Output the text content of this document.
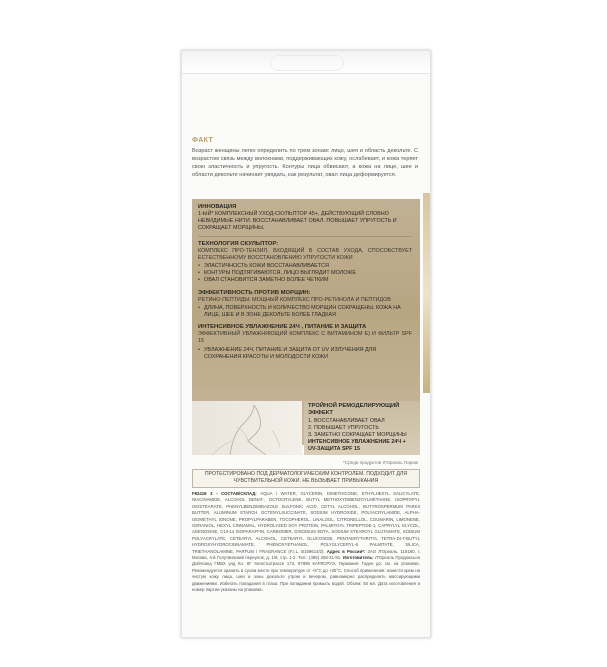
ФАКТ

Возраст женщины легко определить по трем зонам: лицо, шея и область декольте. С возрастом связь между волокнами, поддерживающих кожу, ослабевает, и кожа теряет свою эластичность и упругость. Контуры лица обвисают, а кожа на лице, шее и области декольте начинает увядать, как результат, овал лица деформируется.

ИННОВАЦИЯ

1-ЫЙ* КОМПЛЕКСНЫЙ УХОД-СКУЛЬПТОР 45+, ДЕЙСТВУЮЩИЙ СЛОВНО НЕВИДИМЫЕ НИТИ. ВОССТАНАВЛИВАЕТ ОВАЛ. ПОВЫШАЕТ УПРУГОСТЬ И СОКРАЩАЕТ МОРЩИНЫ.

ТЕХНОЛОГИЯ СКУЛЬПТОР:

КОМПЛЕКС ПРО-ТЕНЗИЛ, ВХОДЯЩИЙ В СОСТАВ УХОДА, СПОСОБСТВУЕТ ЕСТЕСТВЕННОМУ ВОССТАНОВЛЕНИЮ УПРУГОСТИ КОЖИ

• ЭЛАСТИЧНОСТЬ КОЖИ ВОССТАНАВЛИВАЕТСЯ
• КОНТУРЫ ПОДТЯГИВАЮТСЯ, ЛИЦО ВЫГЛЯДИТ МОЛОЖЕ
• ОВАЛ СТАНОВИТСЯ ЗАМЕТНО БОЛЕЕ ЧЕТКИМ

ЭФФЕКТИВНОСТЬ ПРОТИВ МОРЩИН:

РЕТИНО-ПЕПТИДЫ: МОЩНЫЙ КОМПЛЕКС ПРО-РЕТИНОЛА И ПЕПТИДОВ

• ДЛИНА, ПОВЕРХНОСТЬ И КОЛИЧЕСТВО МОРЩИН СОКРАЩЕНЫ. КОЖА НА ЛИЦЕ, ШЕЕ И В ЗОНЕ ДЕКОЛЬТЕ БОЛЕЕ ГЛАДКАЯ

ИНТЕНСИВНОЕ УВЛАЖНЕНИЕ 24Ч , ПИТАНИЕ И ЗАЩИТА

ЭФФЕКТИВНЫЙ УВЛАЖНЯЮЩИЙ КОМПЛЕКС С ВИТАМИНОМ E) И ФИЛЬТР SPF 15

• УВЛАЖНЕНИЕ 24Ч, ПИТАНИЕ И ЗАЩИТА ОТ UV ИЗЛУЧЕНИЯ ДЛЯ СОХРАНЕНИЯ КРАСОТЫ И МОЛОДОСТИ КОЖИ

ТРОЙНОЙ РЕМОДЕЛИРУЮЩИЙ ЭФФЕКТ

1. ВОССТАНАВЛИВАЕТ ОВАЛ
2. ПОВЫШАЕТ УПРУГОСТЬ
3. ЗАМЕТНО СОКРАЩАЕТ МОРЩИНЫ

ИНТЕНСИВНОЕ УВЛАЖНЕНИЕ 24Ч + UV-ЗАЩИТА SPF 15

*Среди продуктов Л'Ореаль Париж

ПРОТЕСТИРОВАНО ПОД ДЕРМАТОЛОГИЧЕСКИМ КОНТРОЛЕМ. ПОДХОДИТ ДЛЯ ЧУВСТВИТЕЛЬНОЙ КОЖИ. НЕ ВЫЗЫВАЕТ ПРИВЫКАНИЯ

F82418 3 - СОСТАВ/СКЛАД: AQUA / WATER, GLYCERIN, DIMETHICONE, ETHYLHEXYL SALICYLATE, NIACINAMIDE, ALCOHOL DENAT., OCTOCRYLENE, BUTYL METHOXYDIBENZOYLMETHANE, ISOPROPYL ISOSTEARATE, PHENYLBENZIMIDAZOLE SULFONIC ACID, CETYL ALCOHOL, BUTYROSPERMUM PARKII BUTTER, ALUMINUM STARCH OCTENYLSUCCINATE, SODIUM HYDROXIDE, POLYACRYLAMIDE, ALPHA-ISOMETHYL IONONE, PROPYLPARABEN, TOCOPHEROL, LINALOOL, CITRONELLOL, COUMARIN, LIMONENE, GERANIOL, HEXYL CINNAMAL, HYDROLYZED SOY PROTEIN, PALMITOYL TRIPEPTIDE-1, CAPRYLYL GLYCOL, ADENOSINE, C13-14 ISOPARAFFIN, CARBOMER, DISODIUM EDTA, SODIUM STEAROYL GLUTAMATE, SODIUM POLYACRYLATE, CETEARYL ALCOHOL, CETEARYL GLUCOSIDE, PENTAERYTHRITYL TETRA-DI-T-BUTYL HYDROXYHYDROCINNAMATE, PHENOXYETHANOL, POLYGLYCERYL-6 PALMITATE, SILICA, TRIETHANOLAMINE, PARFUM / FRAGRANCE (F.I.L. B169614/2). Адрес в России*: ЗАО Л'Ореаль, 119180, г. Москва, 4-й Голутвинский переулок, д. 1/8, стр. 1-2. Тел.: (495) 258-31-91. Изготовитель: Л'Ореаль Продюксьон Дойчланд ГМБХ унд Ко. КГ Хенгстштрассе 173, 97895 КАРЛСРУЭ, Германия. Годен до: см. на упаковке. Рекомендуется хранить в сухом месте при температуре от +5°С до +25°С. Способ применения: нанести крем на чистую кожу лица, шеи и зоны декольте утром и вечером, равномерно распределить массирующими движениями. Избегать попадания в глаза. При попадании промыть водой. Объём: 50 мл. Дата изготовления и номер партии указаны на упаковке.
